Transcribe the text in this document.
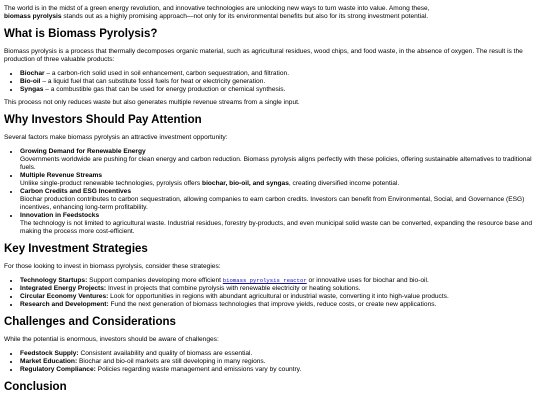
The world is in the midst of a green energy revolution, and innovative technologies are unlocking new ways to turn waste into value. Among these,
biomass pyrolysis stands out as a highly promising approach—not only for its environmental benefits but also for its strong investment potential.

What is Biomass Pyrolysis?

Biomass pyrolysis is a process that thermally decomposes organic material, such as agricultural residues, wood chips, and food waste, in the absence of oxygen. The result is the production of three valuable products:

• Biochar – a carbon-rich solid used in soil enhancement, carbon sequestration, and filtration.
• Bio-oil – a liquid fuel that can substitute fossil fuels for heat or electricity generation.
• Syngas – a combustible gas that can be used for energy production or chemical synthesis.

This process not only reduces waste but also generates multiple revenue streams from a single input.

Why Investors Should Pay Attention

Several factors make biomass pyrolysis an attractive investment opportunity:

• Growing Demand for Renewable Energy
Governments worldwide are pushing for clean energy and carbon reduction. Biomass pyrolysis aligns perfectly with these policies, offering sustainable alternatives to traditional fuels.
• Multiple Revenue Streams
Unlike single-product renewable technologies, pyrolysis offers biochar, bio-oil, and syngas, creating diversified income potential.
• Carbon Credits and ESG Incentives
Biochar production contributes to carbon sequestration, allowing companies to earn carbon credits. Investors can benefit from Environmental, Social, and Governance (ESG) incentives, enhancing long-term profitability.
• Innovation in Feedstocks
The technology is not limited to agricultural waste. Industrial residues, forestry by-products, and even municipal solid waste can be converted, expanding the resource base and making the process more cost-efficient.
Key Investment Strategies

For those looking to invest in biomass pyrolysis, consider these strategies:

• Technology Startups: Support companies developing more efficient biomass pyrolysis reactor or innovative uses for biochar and bio-oil.
• Integrated Energy Projects: Invest in projects that combine pyrolysis with renewable electricity or heating solutions.
• Circular Economy Ventures: Look for opportunities in regions with abundant agricultural or industrial waste, converting it into high-value products.
• Research and Development: Fund the next generation of biomass technologies that improve yields, reduce costs, or create new applications.
Challenges and Considerations

While the potential is enormous, investors should be aware of challenges:

• Feedstock Supply: Consistent availability and quality of biomass are essential.
• Market Education: Biochar and bio-oil markets are still developing in many regions.
• Regulatory Compliance: Policies regarding waste management and emissions vary by country.
Conclusion
